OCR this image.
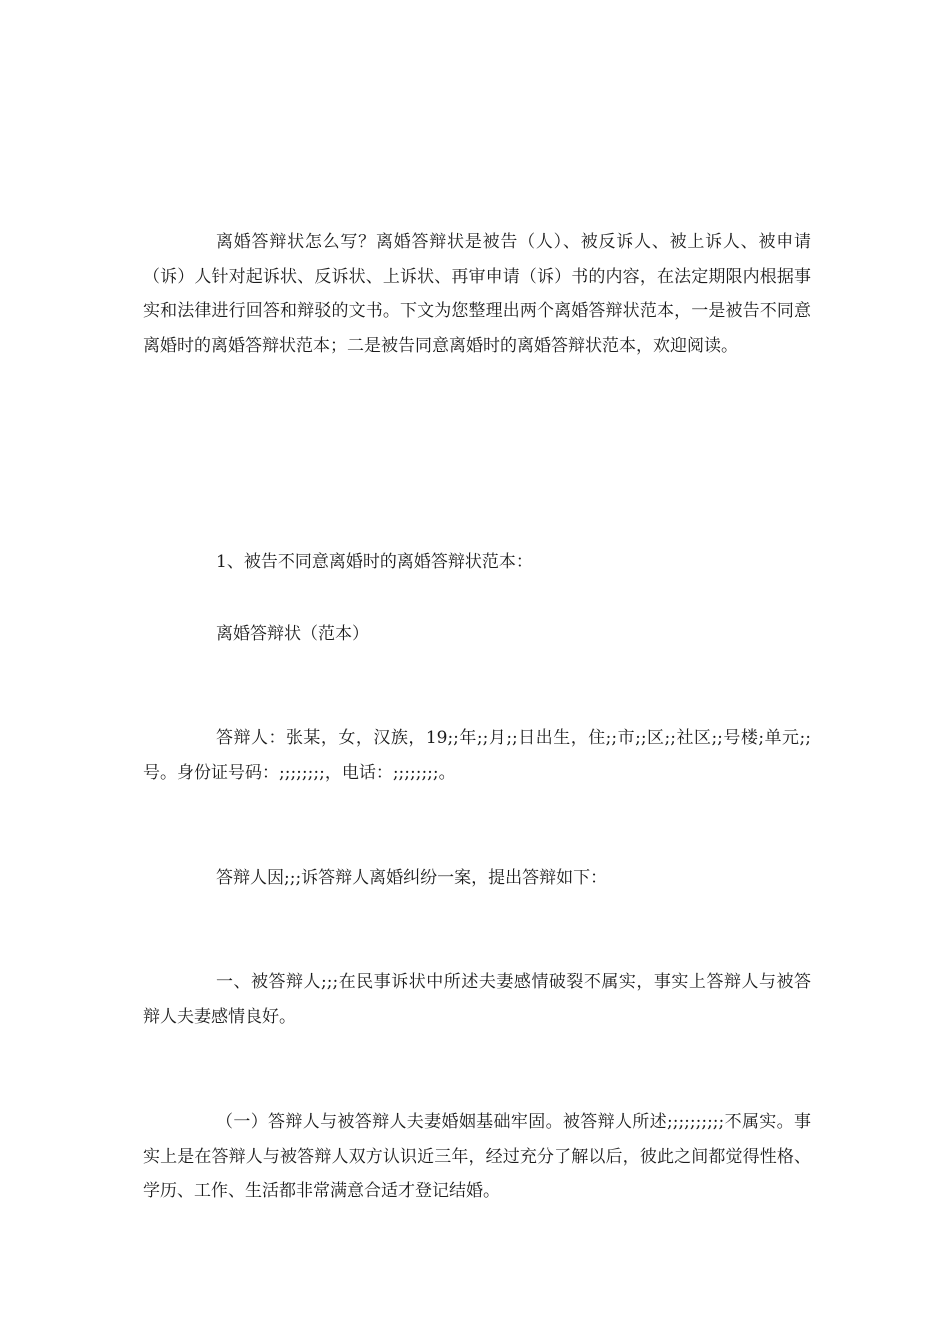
离婚答辩状怎么写？离婚答辩状是被告（人）、被反诉人、被上诉人、被申请（诉）人针对起诉状、反诉状、上诉状、再审申请（诉）书的内容，在法定期限内根据事实和法律进行回答和辩驳的文书。下文为您整理出两个离婚答辩状范本，一是被告不同意离婚时的离婚答辩状范本；二是被告同意离婚时的离婚答辩状范本，欢迎阅读。

1、被告不同意离婚时的离婚答辩状范本：

离婚答辩状（范本）

答辩人：张某，女，汉族，19;;年;;月;;日出生，住;;市;;区;;社区;;号楼;单元;;号。身份证号码：;;;;;;;;，电话：;;;;;;;;。

答辩人因;;;诉答辩人离婚纠纷一案，提出答辩如下：

一、被答辩人;;;在民事诉状中所述夫妻感情破裂不属实，事实上答辩人与被答辩人夫妻感情良好。

（一）答辩人与被答辩人夫妻婚姻基础牢固。被答辩人所述;;;;;;;;;;不属实。事实上是在答辩人与被答辩人双方认识近三年，经过充分了解以后，彼此之间都觉得性格、学历、工作、生活都非常满意合适才登记结婚。
